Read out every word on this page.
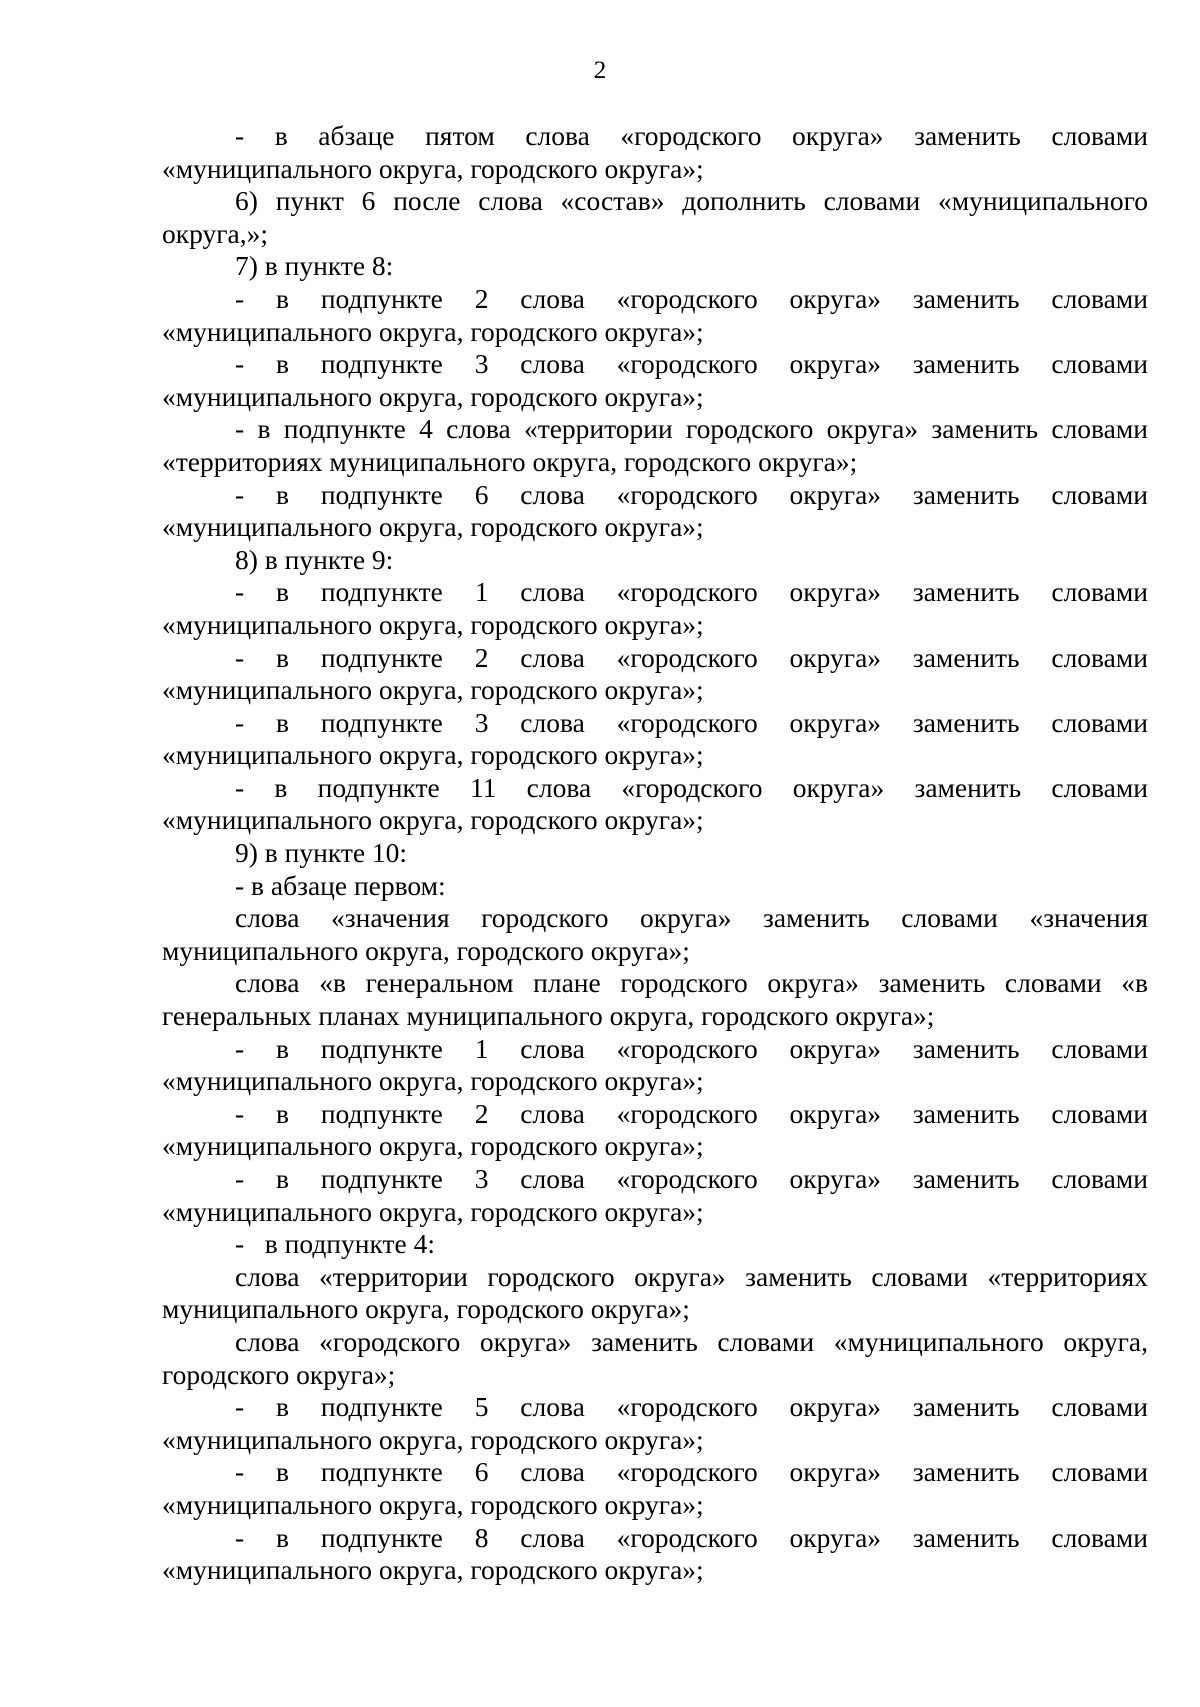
2

- в абзаце пятом слова «городского округа» заменить словами «муниципального округа, городского округа»;

6) пункт 6 после слова «состав» дополнить словами «муниципального округа,»;

7) в пункте 8:

- в подпункте 2 слова «городского округа» заменить словами «муниципального округа, городского округа»;

- в подпункте 3 слова «городского округа» заменить словами «муниципального округа, городского округа»;

- в подпункте 4 слова «территории городского округа» заменить словами «территориях муниципального округа, городского округа»;

- в подпункте 6 слова «городского округа» заменить словами «муниципального округа, городского округа»;

8) в пункте 9:

- в подпункте 1 слова «городского округа» заменить словами «муниципального округа, городского округа»;

- в подпункте 2 слова «городского округа» заменить словами «муниципального округа, городского округа»;

- в подпункте 3 слова «городского округа» заменить словами «муниципального округа, городского округа»;

- в подпункте 11 слова «городского округа» заменить словами «муниципального округа, городского округа»;

9) в пункте 10:

- в абзаце первом:

слова «значения городского округа» заменить словами «значения муниципального округа, городского округа»;

слова «в генеральном плане городского округа» заменить словами «в генеральных планах муниципального округа, городского округа»;

- в подпункте 1 слова «городского округа» заменить словами «муниципального округа, городского округа»;

- в подпункте 2 слова «городского округа» заменить словами «муниципального округа, городского округа»;

- в подпункте 3 слова «городского округа» заменить словами «муниципального округа, городского округа»;

-   в подпункте 4:

слова «территории городского округа» заменить словами «территориях муниципального округа, городского округа»;

слова «городского округа» заменить словами «муниципального округа, городского округа»;

- в подпункте 5 слова «городского округа» заменить словами «муниципального округа, городского округа»;

- в подпункте 6 слова «городского округа» заменить словами «муниципального округа, городского округа»;

- в подпункте 8 слова «городского округа» заменить словами «муниципального округа, городского округа»;
